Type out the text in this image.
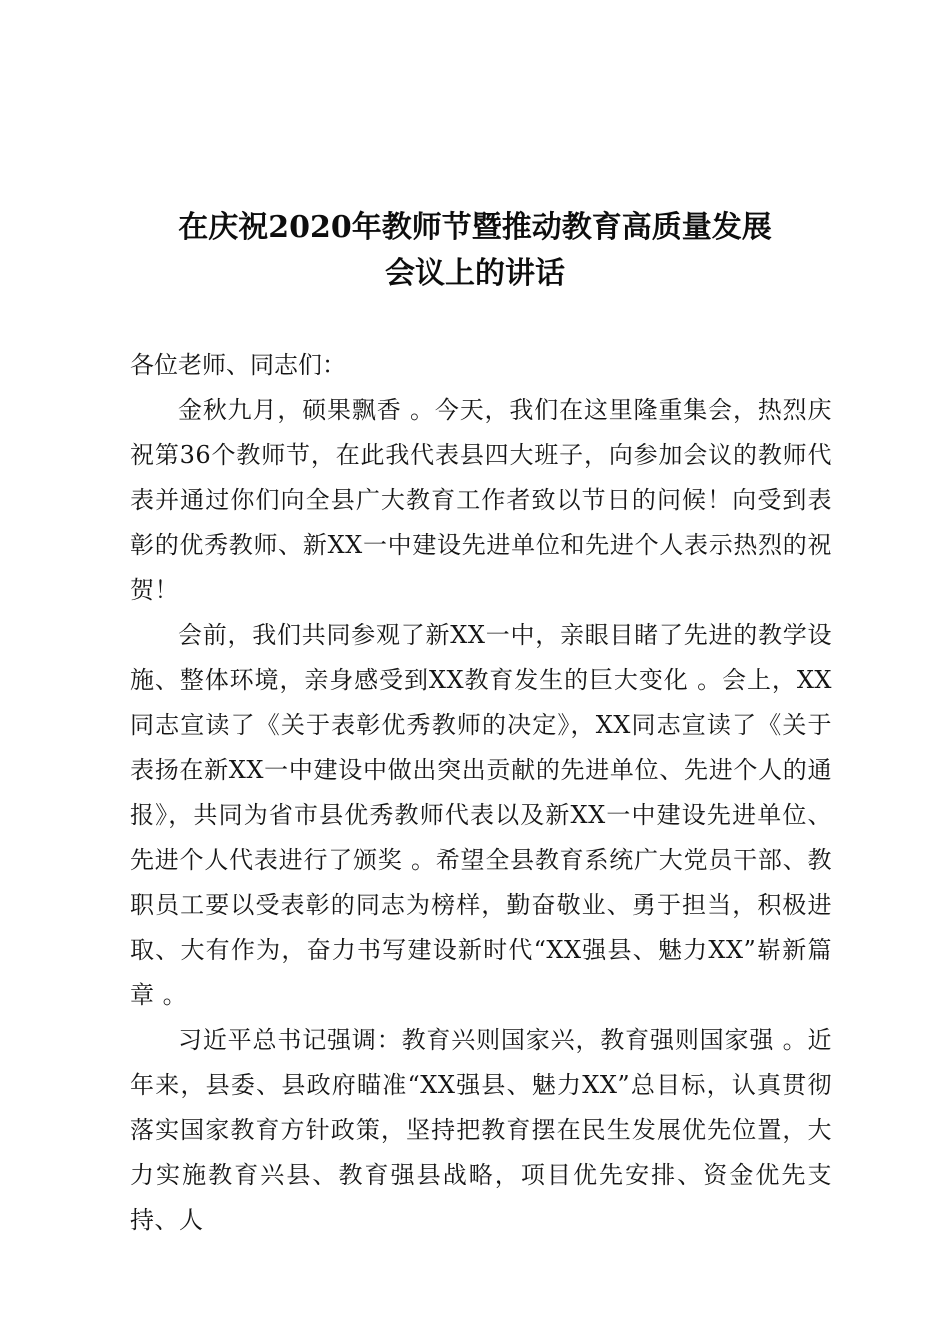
在庆祝2020年教师节暨推动教育高质量发展
会议上的讲话

各位老师、同志们：

金秋九月，硕果飘香 。今天，我们在这里隆重集会，热烈庆祝第36个教师节，在此我代表县四大班子，向参加会议的教师代表并通过你们向全县广大教育工作者致以节日的问候！向受到表彰的优秀教师、新XX一中建设先进单位和先进个人表示热烈的祝贺！

会前，我们共同参观了新XX一中，亲眼目睹了先进的教学设施、整体环境，亲身感受到XX教育发生的巨大变化 。会上，XX同志宣读了《关于表彰优秀教师的决定》，XX同志宣读了《关于表扬在新XX一中建设中做出突出贡献的先进单位、先进个人的通报》，共同为省市县优秀教师代表以及新XX一中建设先进单位、先进个人代表进行了颁奖 。希望全县教育系统广大党员干部、教职员工要以受表彰的同志为榜样，勤奋敬业、勇于担当，积极进取、大有作为，奋力书写建设新时代“XX强县、魅力XX”崭新篇章 。

习近平总书记强调：教育兴则国家兴，教育强则国家强 。近年来，县委、县政府瞄准“XX强县、魅力XX”总目标，认真贯彻落实国家教育方针政策，坚持把教育摆在民生发展优先位置，大力实施教育兴县、教育强县战略，项目优先安排、资金优先支持、人
